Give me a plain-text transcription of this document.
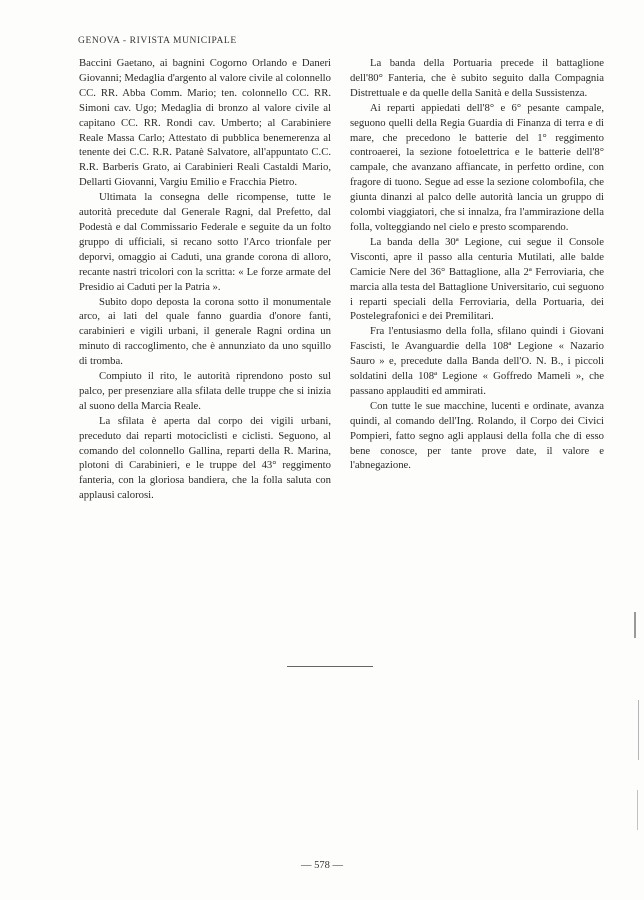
GENOVA - RIVISTA MUNICIPALE

Baccini Gaetano, ai bagnini Cogorno Orlando e Daneri Giovanni; Medaglia d'argento al valore civile al colonnello CC. RR. Abba Comm. Mario; ten. colonnello CC. RR. Simoni cav. Ugo; Medaglia di bronzo al valore civile al capitano CC. RR. Rondi cav. Umberto; al Carabiniere Reale Massa Carlo; Attestato di pubblica benemerenza al tenente dei C.C. R.R. Patanè Salvatore, all'appuntato C.C. R.R. Barberis Grato, ai Carabinieri Reali Castaldi Mario, Dellarti Giovanni, Vargiu Emilio e Fracchia Pietro.

Ultimata la consegna delle ricompense, tutte le autorità precedute dal Generale Ragni, dal Prefetto, dal Podestà e dal Commissario Federale e seguite da un folto gruppo di ufficiali, si recano sotto l'Arco trionfale per deporvi, omaggio ai Caduti, una grande corona di alloro, recante nastri tricolori con la scritta: « Le forze armate del Presidio ai Caduti per la Patria ».

Subito dopo deposta la corona sotto il monumentale arco, ai lati del quale fanno guardia d'onore fanti, carabinieri e vigili urbani, il generale Ragni ordina un minuto di raccoglimento, che è annunziato da uno squillo di tromba.

Compiuto il rito, le autorità riprendono posto sul palco, per presenziare alla sfilata delle truppe che si inizia al suono della Marcia Reale.

La sfilata è aperta dal corpo dei vigili urbani, preceduto dai reparti motociclisti e ciclisti. Seguono, al comando del colonnello Gallina, reparti della R. Marina, plotoni di Carabinieri, e le truppe del 43° reggimento fanteria, con la gloriosa bandiera, che la folla saluta con applausi calorosi.

La banda della Portuaria precede il battaglione dell'80° Fanteria, che è subito seguito dalla Compagnia Distrettuale e da quelle della Sanità e della Sussistenza.

Ai reparti appiedati dell'8° e 6° pesante campale, seguono quelli della Regia Guardia di Finanza di terra e di mare, che precedono le batterie del 1° reggimento controaerei, la sezione fotoelettrica e le batterie dell'8° campale, che avanzano affiancate, in perfetto ordine, con fragore di tuono. Segue ad esse la sezione colombofila, che giunta dinanzi al palco delle autorità lancia un gruppo di colombi viaggiatori, che si innalza, fra l'ammirazione della folla, volteggiando nel cielo e presto scomparendo.

La banda della 30ª Legione, cui segue il Console Visconti, apre il passo alla centuria Mutilati, alle balde Camicie Nere del 36° Battaglione, alla 2ª Ferroviaria, che marcia alla testa del Battaglione Universitario, cui seguono i reparti speciali della Ferroviaria, della Portuaria, dei Postelegrafonici e dei Premilitari.

Fra l'entusiasmo della folla, sfilano quindi i Giovani Fascisti, le Avanguardie della 108ª Legione « Nazario Sauro » e, precedute dalla Banda dell'O. N. B., i piccoli soldatini della 108ª Legione « Goffredo Mameli », che passano applauditi ed ammirati.

Con tutte le sue macchine, lucenti e ordinate, avanza quindi, al comando dell'Ing. Rolando, il Corpo dei Civici Pompieri, fatto segno agli applausi della folla che di esso bene conosce, per tante prove date, il valore e l'abnegazione.

— 578 —
